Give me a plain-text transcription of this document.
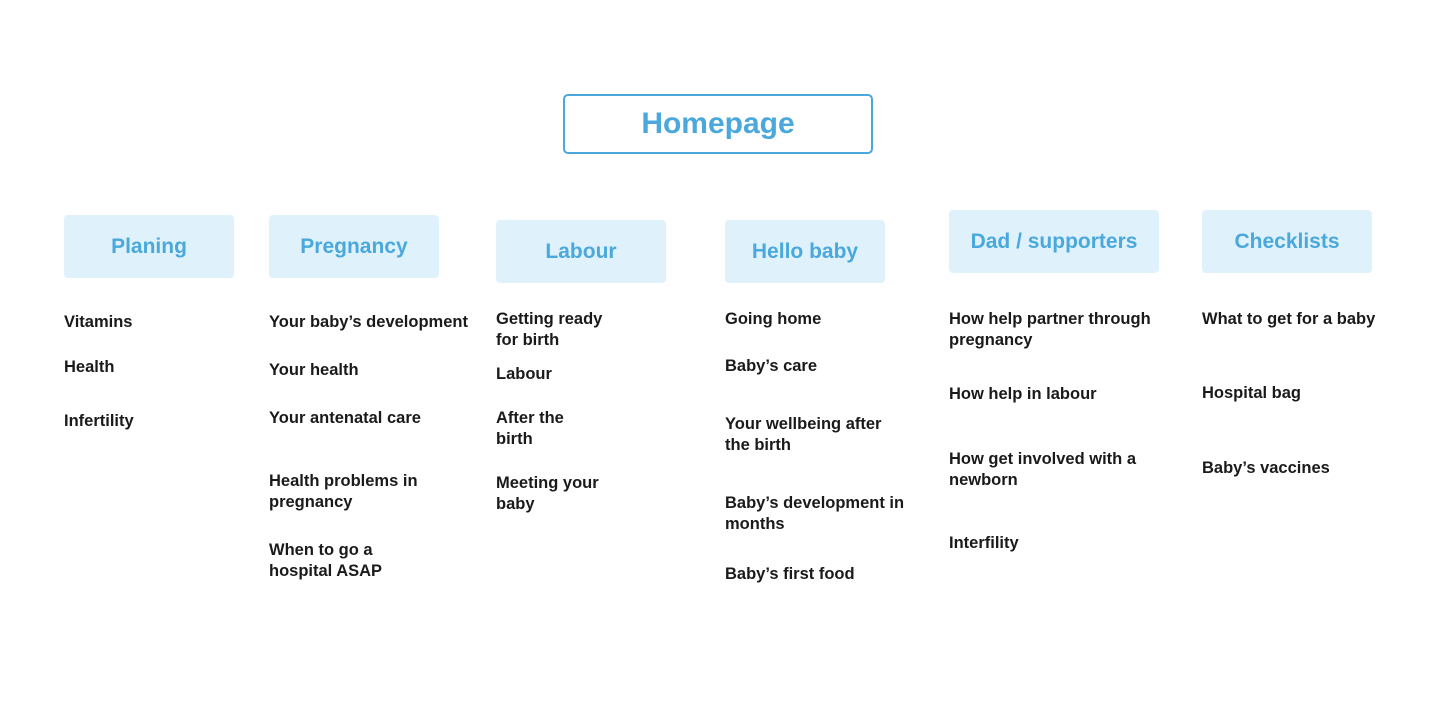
Homepage
Planing
Vitamins
Health
Infertility
Pregnancy
Your baby’s development
Your health
Your antenatal care
Health problems in
pregnancy
When to go a
hospital ASAP
Labour
Getting ready
for birth
Labour
After the
birth
Meeting your
baby
Hello baby
Going home
Baby’s care
Your wellbeing after
the birth
Baby’s development in
months
Baby’s first food
Dad / supporters
How help partner through
pregnancy
How help in labour
How get involved with a
newborn
Interfility
Checklists
What to get for a baby
Hospital bag
Baby’s vaccines
